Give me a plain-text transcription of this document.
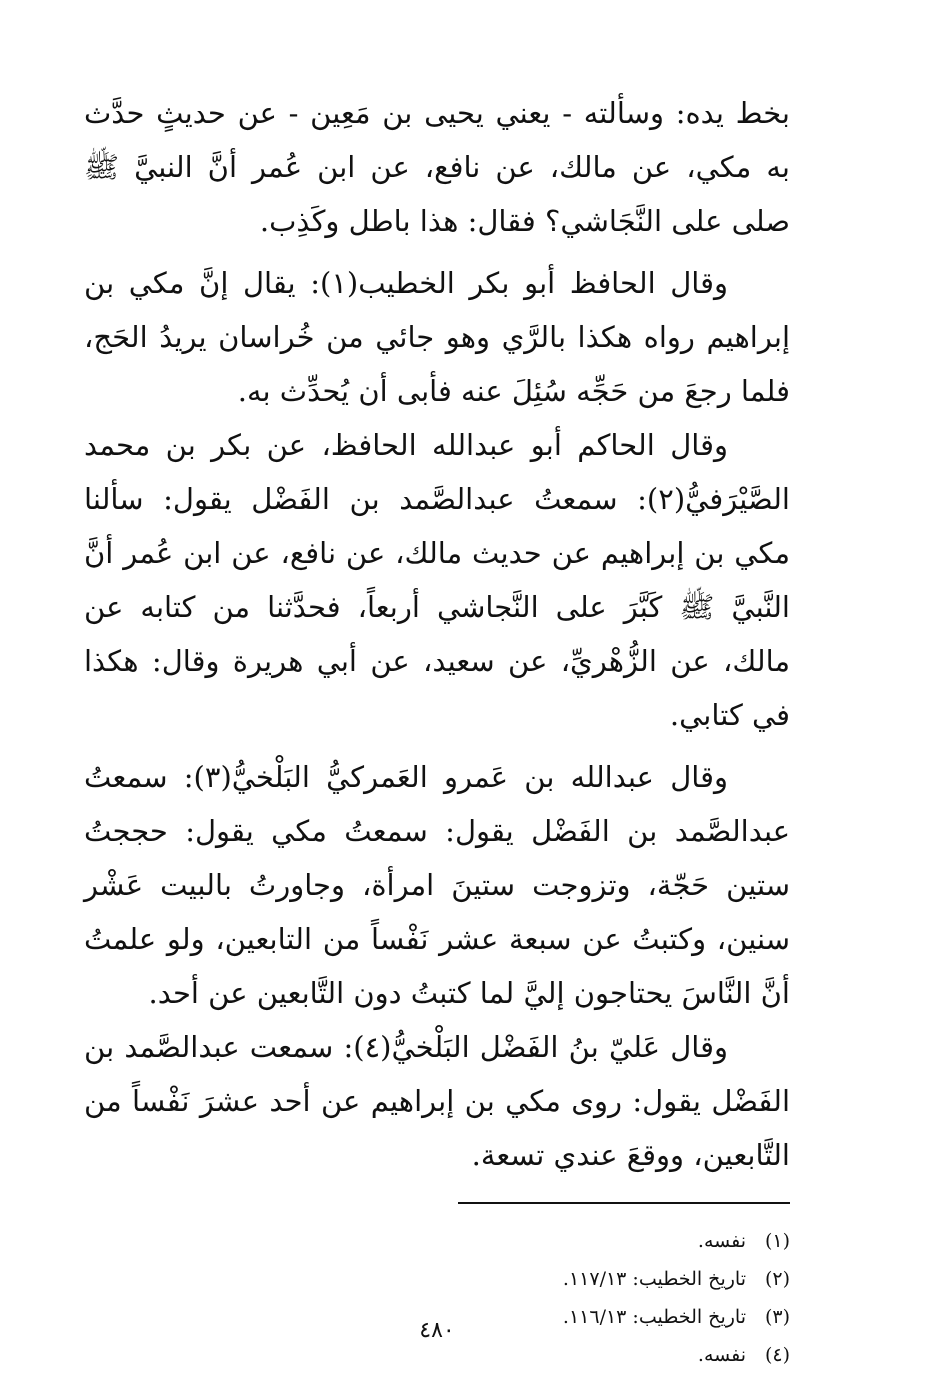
بخط يده: وسألته - يعني يحيى بن مَعِين - عن حديثٍ حدَّث به مكي، عن مالك، عن نافع، عن ابن عُمر أنَّ النبيَّ ﷺ صلى على النَّجَاشي؟ فقال: هذا باطل وكَذِب.

وقال الحافظ أبو بكر الخطيب(١): يقال إنَّ مكي بن إبراهيم رواه هكذا بالرَّي وهو جائي من خُراسان يريدُ الحَج، فلما رجعَ من حَجِّه سُئِلَ عنه فأبى أن يُحدِّث به.

وقال الحاكم أبو عبدالله الحافظ، عن بكر بن محمد الصَّيْرَفيُّ(٢): سمعتُ عبدالصَّمد بن الفَضْل يقول: سألنا مكي بن إبراهيم عن حديث مالك، عن نافع، عن ابن عُمر أنَّ النَّبيَّ ﷺ كَبَّرَ على النَّجاشي أربعاً، فحدَّثنا من كتابه عن مالك، عن الزُّهْريِّ، عن سعيد، عن أبي هريرة وقال: هكذا في كتابي.

وقال عبدالله بن عَمرو العَمركيُّ البَلْخيُّ(٣): سمعتُ عبدالصَّمد بن الفَضْل يقول: سمعتُ مكي يقول: حججتُ ستين حَجّة، وتزوجت ستينَ امرأة، وجاورتُ بالبيت عَشْر سنين، وكتبتُ عن سبعة عشر نَفْساً من التابعين، ولو علمتُ أنَّ النَّاسَ يحتاجون إليَّ لما كتبتُ دون التَّابعين عن أحد.

وقال عَليّ بنُ الفَضْل البَلْخيُّ(٤): سمعت عبدالصَّمد بن الفَضْل يقول: روى مكي بن إبراهيم عن أحد عشرَ نَفْساً من التَّابعين، ووقعَ عندي تسعة.

(١)
نفسه.
(٢)
تاريخ الخطيب: ١١٧/١٣.
(٣)
تاريخ الخطيب: ١١٦/١٣.
(٤)
نفسه.
٤٨٠
